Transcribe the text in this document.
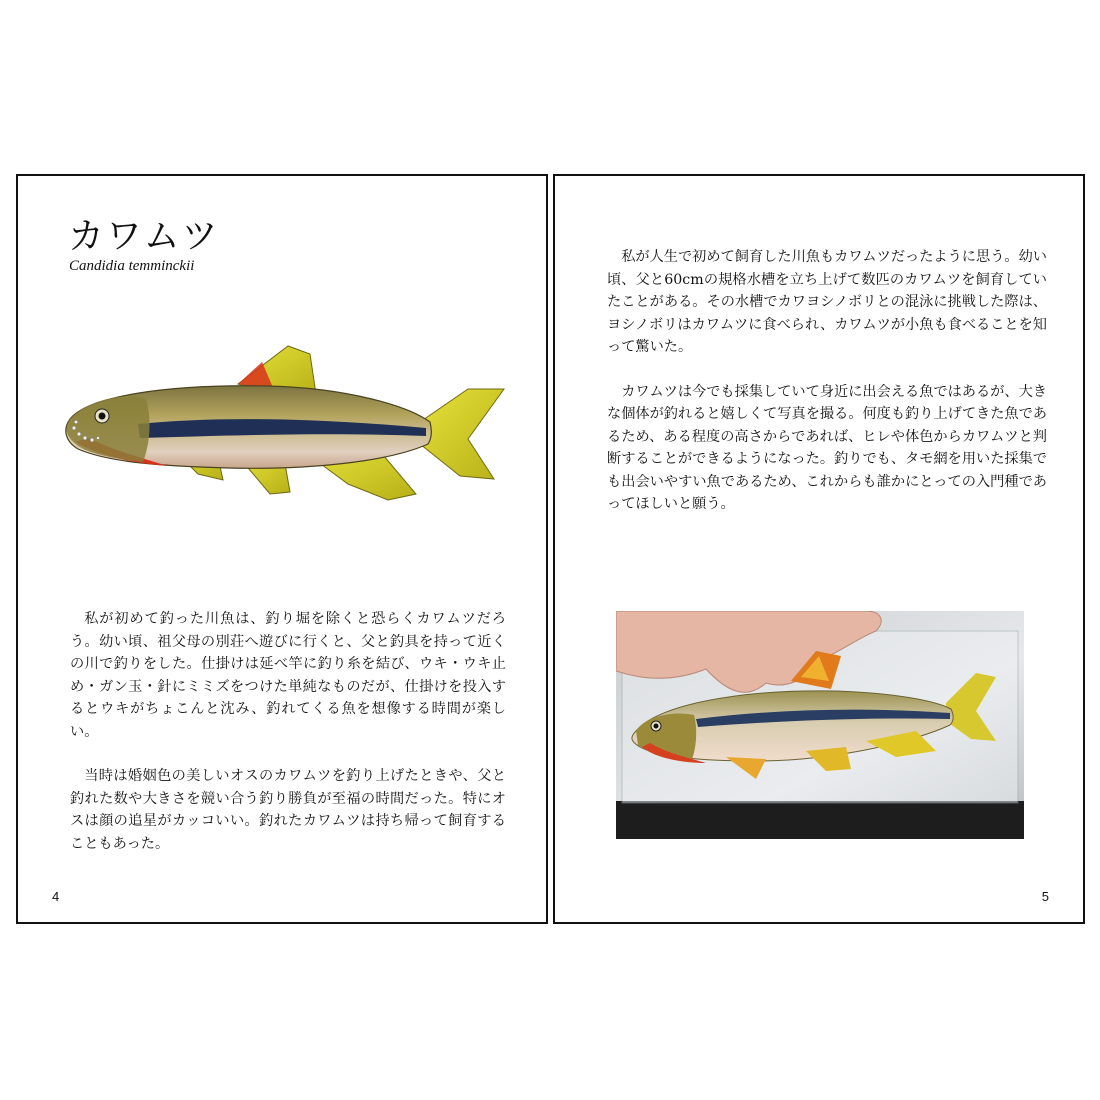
カワムツ
Candidia temminckii

私が初めて釣った川魚は、釣り堀を除くと恐らくカワムツだろう。幼い頃、祖父母の別荘へ遊びに行くと、父と釣具を持って近くの川で釣りをした。仕掛けは延べ竿に釣り糸を結び、ウキ・ウキ止め・ガン玉・針にミミズをつけた単純なものだが、仕掛けを投入するとウキがちょこんと沈み、釣れてくる魚を想像する時間が楽しい。

当時は婚姻色の美しいオスのカワムツを釣り上げたときや、父と釣れた数や大きさを競い合う釣り勝負が至福の時間だった。特にオスは顔の追星がカッコいい。釣れたカワムツは持ち帰って飼育することもあった。

4

私が人生で初めて飼育した川魚もカワムツだったように思う。幼い頃、父と60cmの規格水槽を立ち上げて数匹のカワムツを飼育していたことがある。その水槽でカワヨシノボリとの混泳に挑戦した際は、ヨシノボリはカワムツに食べられ、カワムツが小魚も食べることを知って驚いた。

カワムツは今でも採集していて身近に出会える魚ではあるが、大きな個体が釣れると嬉しくて写真を撮る。何度も釣り上げてきた魚であるため、ある程度の高さからであれば、ヒレや体色からカワムツと判断することができるようになった。釣りでも、タモ網を用いた採集でも出会いやすい魚であるため、これからも誰かにとっての入門種であってほしいと願う。

5
